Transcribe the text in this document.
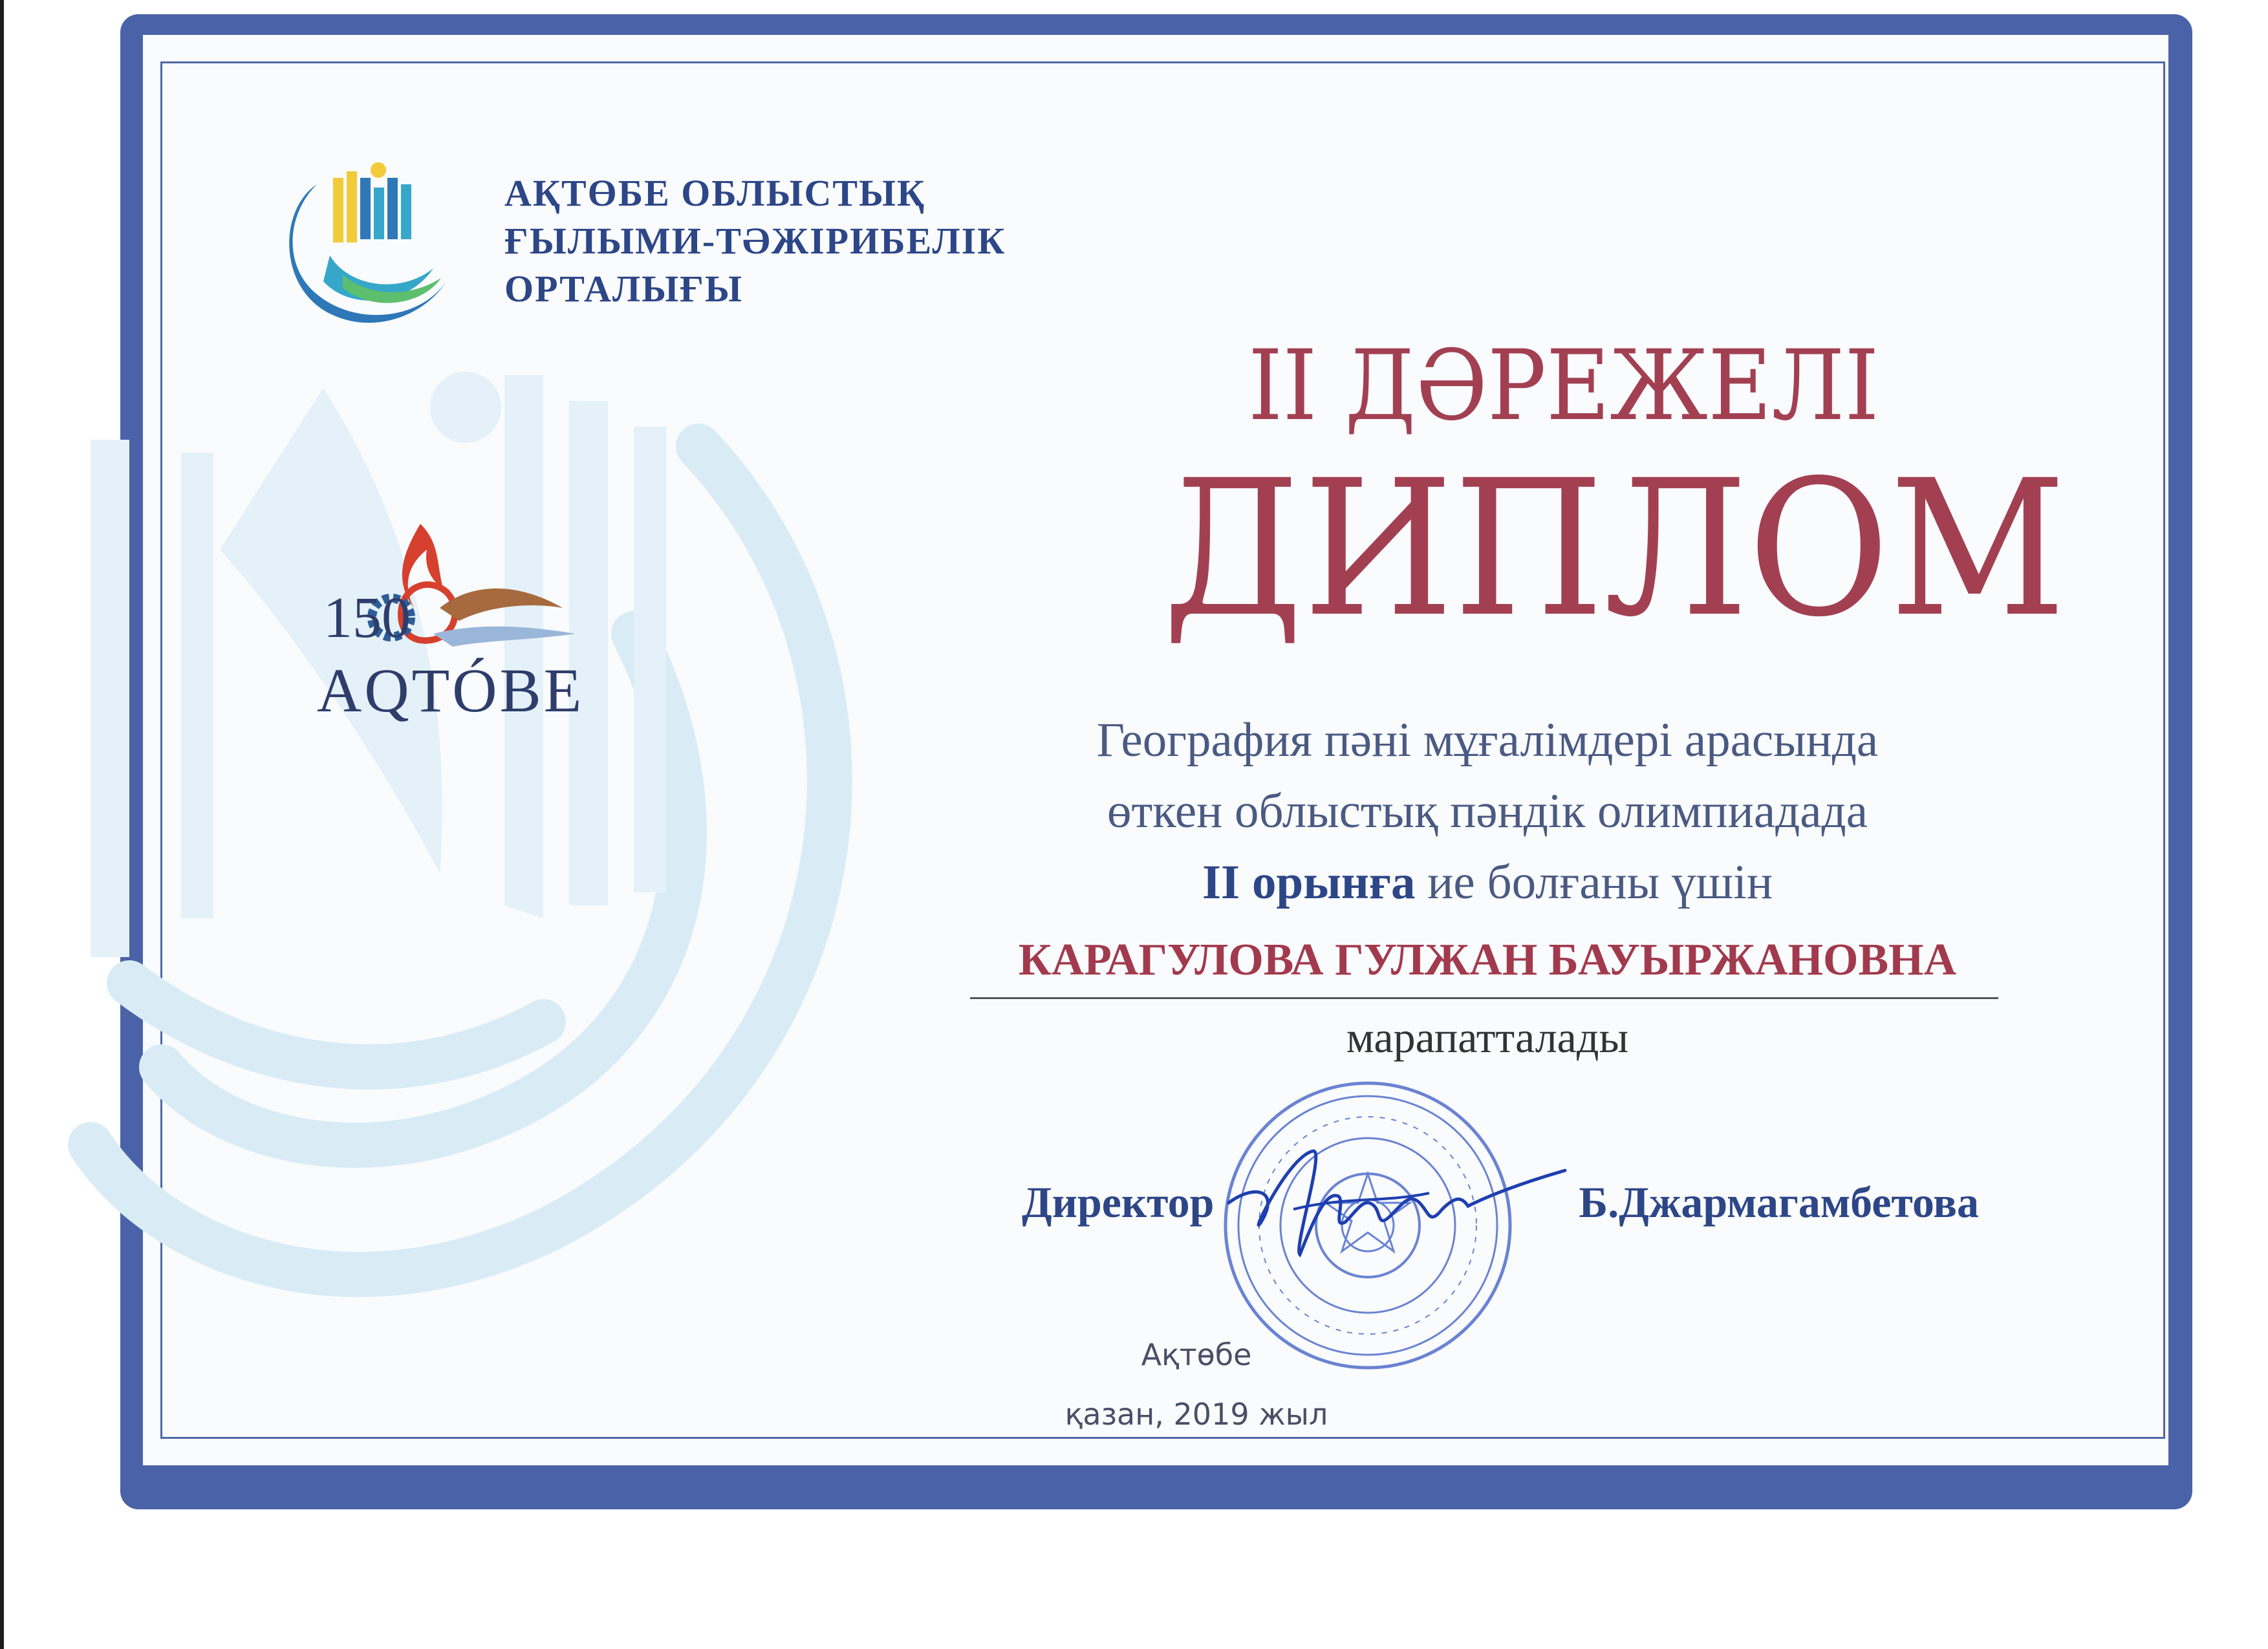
АҚТӨБЕ ОБЛЫСТЫҚ
ҒЫЛЫМИ-ТӘЖІРИБЕЛІК
ОРТАЛЫҒЫ
150
AQTÓBE
II ДӘРЕЖЕЛІ
ДИПЛОМ
География пәні мұғалімдері арасында
өткен облыстық пәндік олимпиадада
II орынға ие болғаны үшін
КАРАГУЛОВА ГУЛЖАН БАУЫРЖАНОВНА
марапатталады
Директор	Б.Джармагамбетова
Ақтөбе
қазан, 2019 жыл
